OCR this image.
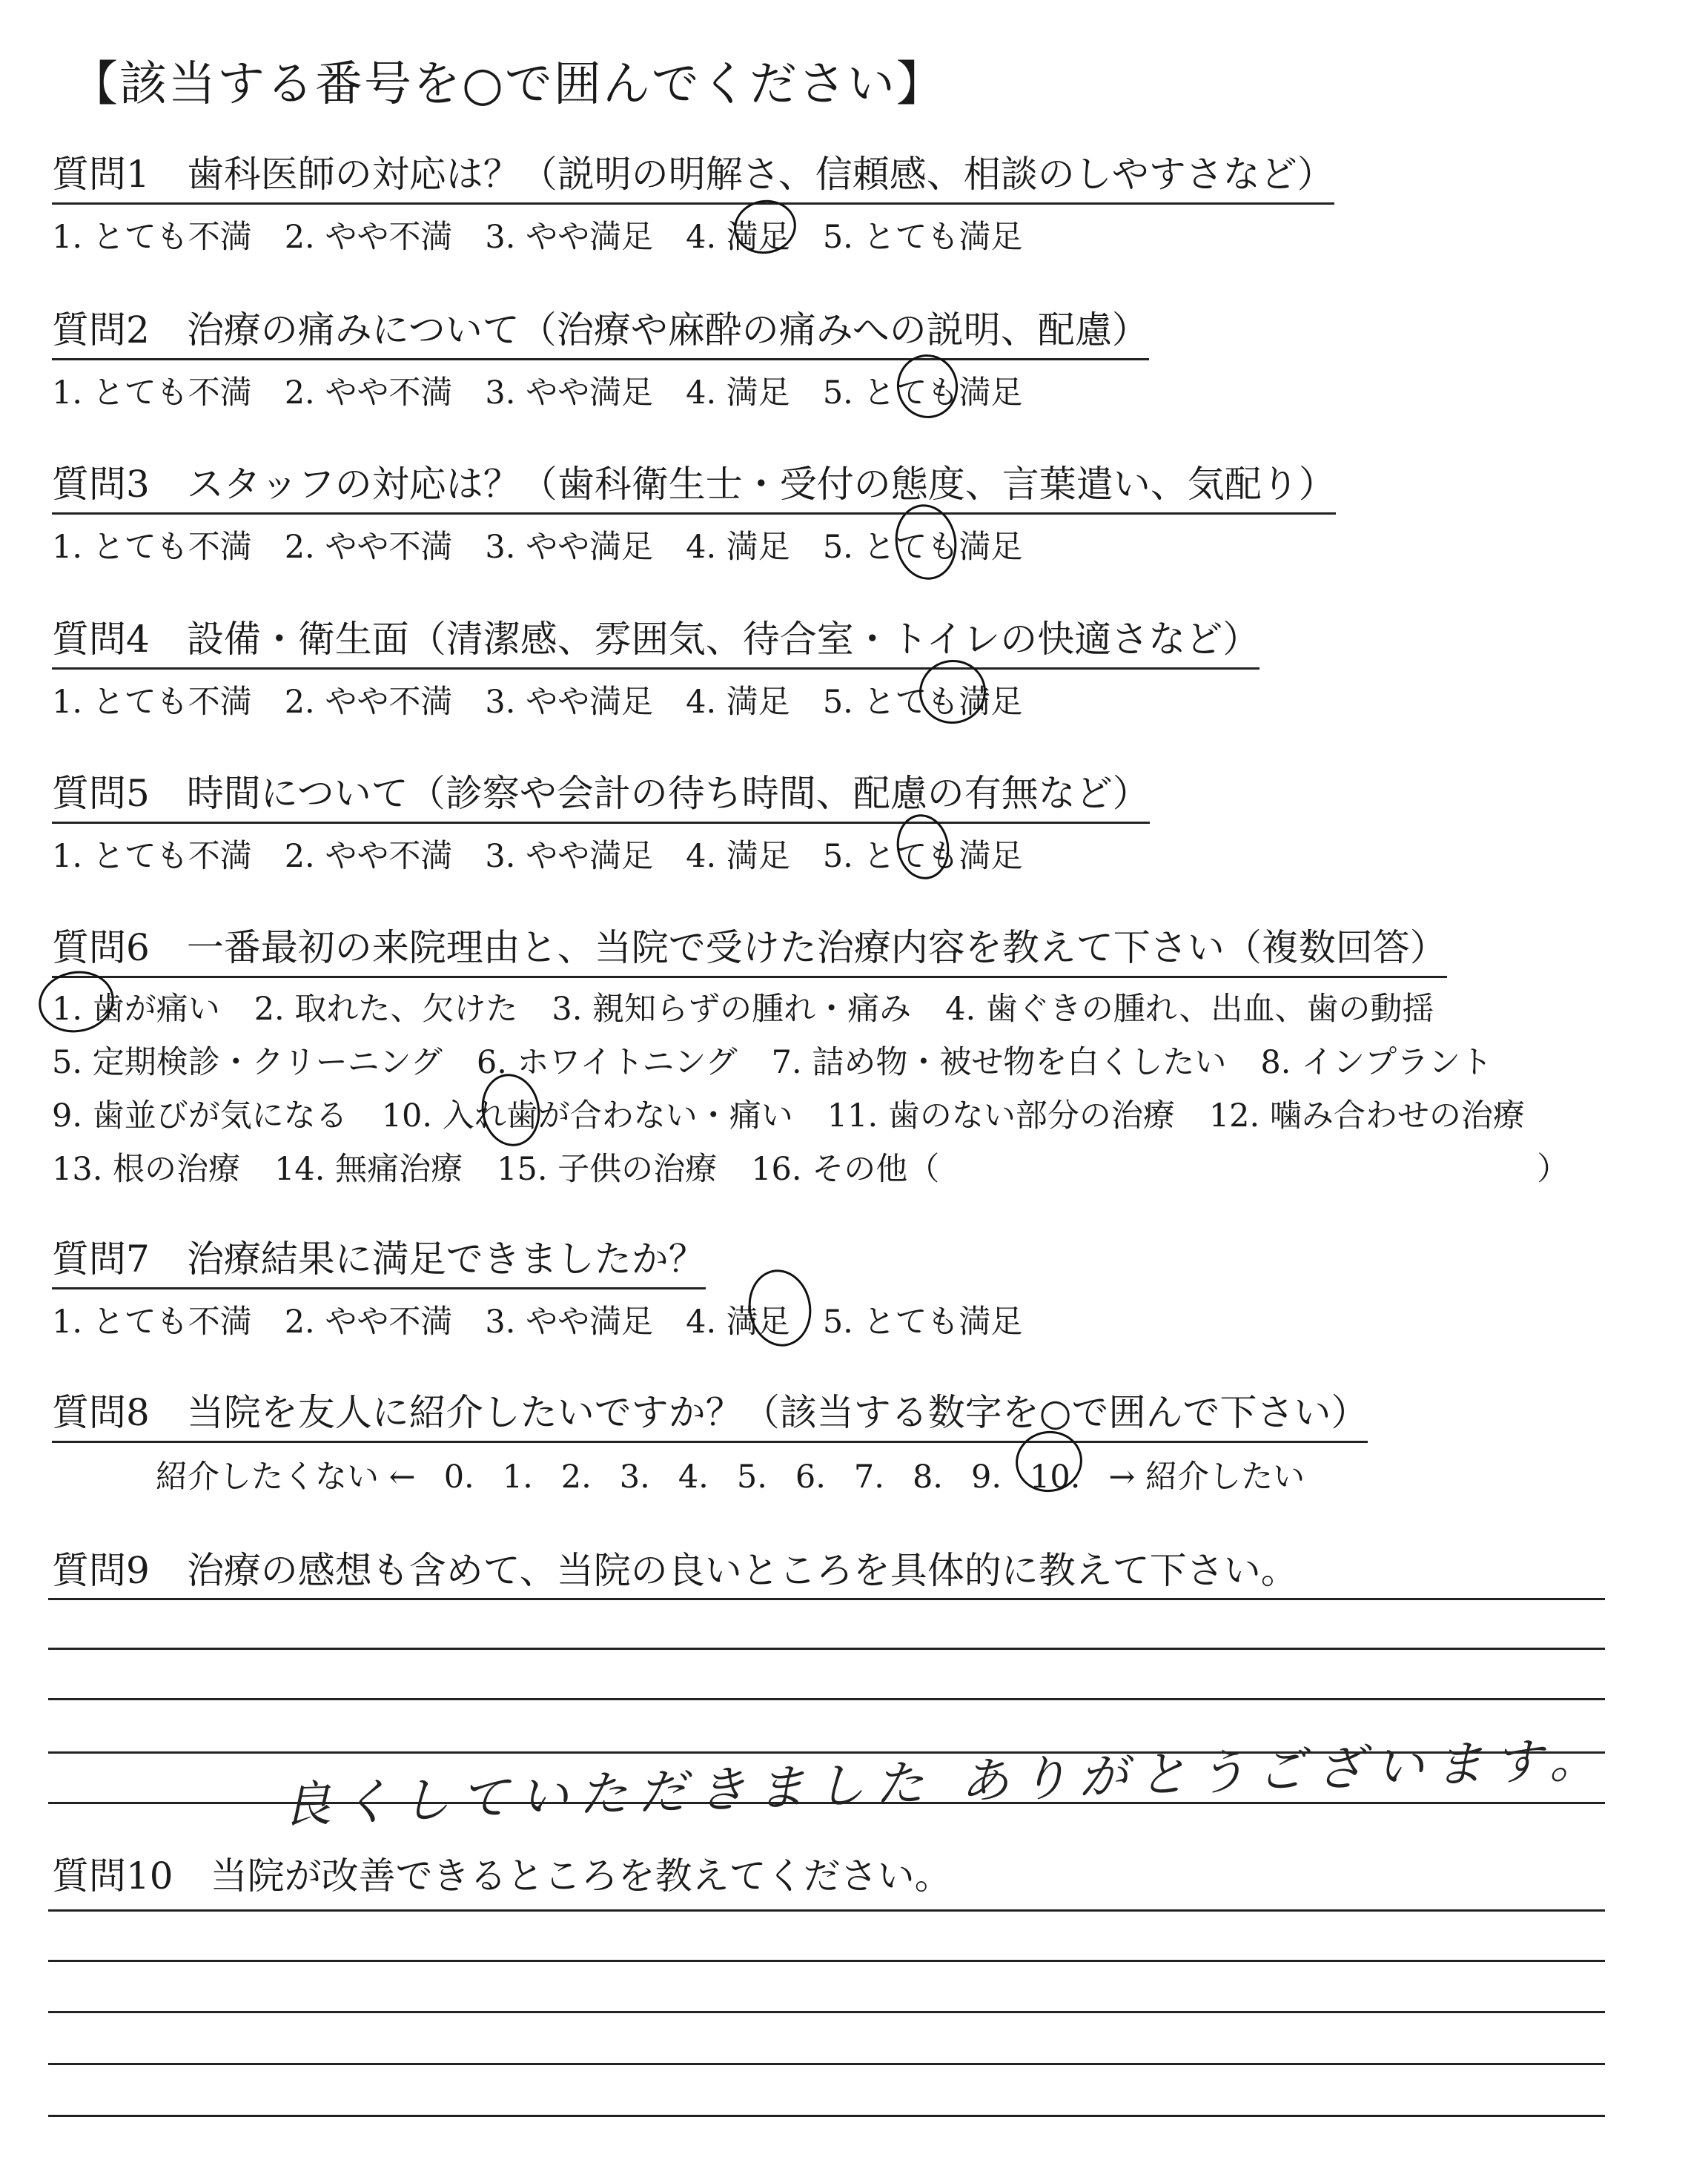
【該当する番号を○で囲んでください】
質問1 歯科医師の対応は？（説明の明解さ、信頼感、相談のしやすさなど）
1. とても不満 2. やや不満 3. やや満足 4. 満足 5. とても満足
質問2 治療の痛みについて（治療や麻酔の痛みへの説明、配慮）
1. とても不満 2. やや不満 3. やや満足 4. 満足 5. とても満足
質問3 スタッフの対応は？（歯科衛生士・受付の態度、言葉遣い、気配り）
1. とても不満 2. やや不満 3. やや満足 4. 満足 5. とても満足
質問4 設備・衛生面（清潔感、雰囲気、待合室・トイレの快適さなど）
1. とても不満 2. やや不満 3. やや満足 4. 満足 5. とても満足
質問5 時間について（診察や会計の待ち時間、配慮の有無など）
1. とても不満 2. やや不満 3. やや満足 4. 満足 5. とても満足
質問6 一番最初の来院理由と、当院で受けた治療内容を教えて下さい（複数回答）
1. 歯が痛い 2. 取れた、欠けた 3. 親知らずの腫れ・痛み 4. 歯ぐきの腫れ、出血、歯の動揺
5. 定期検診・クリーニング 6. ホワイトニング 7. 詰め物・被せ物を白くしたい 8. インプラント
9. 歯並びが気になる 10. 入れ歯が合わない・痛い 11. 歯のない部分の治療 12. 噛み合わせの治療
13. 根の治療 14. 無痛治療 15. 子供の治療 16. その他（	）
質問7 治療結果に満足できましたか？
1. とても不満 2. やや不満 3. やや満足 4. 満足 5. とても満足
質問8 当院を友人に紹介したいですか？（該当する数字を○で囲んで下さい）
紹介したくない ← 0. 1. 2. 3. 4. 5. 6. 7. 8. 9. 10. → 紹介したい
質問9 治療の感想も含めて、当院の良いところを具体的に教えて下さい。
良くしていただきました ありがとうございます。
質問10 当院が改善できるところを教えてください。
